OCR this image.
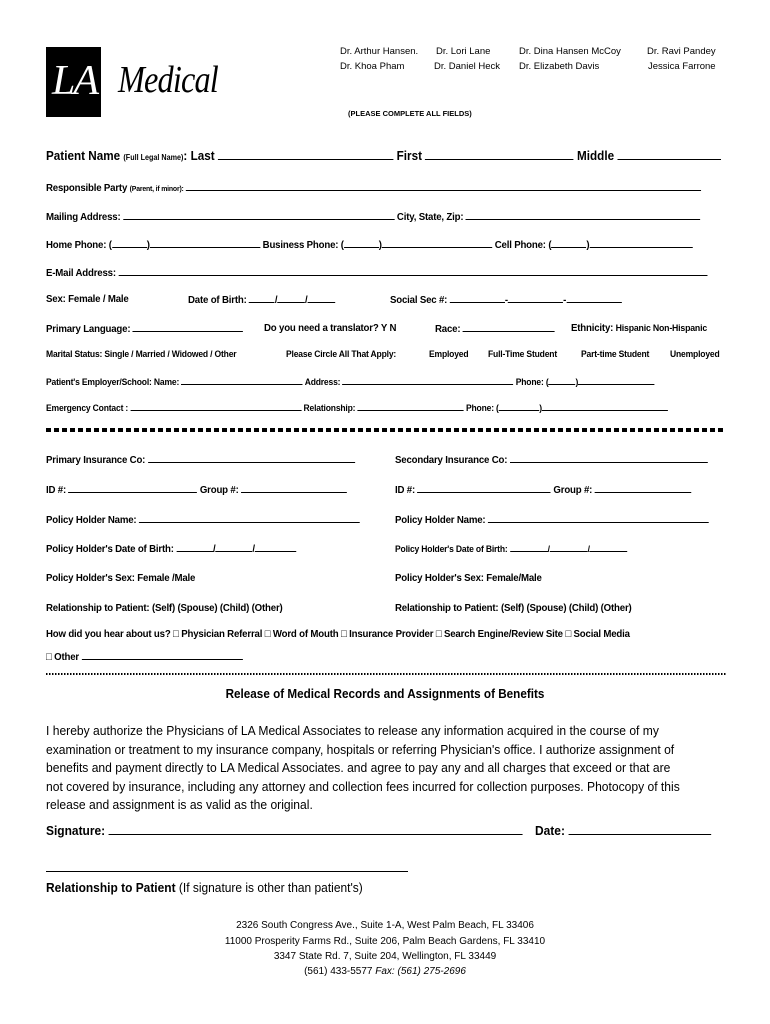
LA Medical
Dr. Arthur Hansen. Dr. Lori Lane	Dr. Dina Hansen McCoy	Dr. Ravi Pandey
Dr. Khoa Pham	Dr. Daniel Heck Dr. Elizabeth Davis	Jessica Farrone
(PLEASE COMPLETE ALL FIELDS)
Patient Name (Full Legal Name): Last	First	Middle
Responsible Party (Parent, if minor):
Mailing Address:	City, State, Zip:
Home Phone: (	)	Business Phone: (	)	Cell Phone: (	)
E-Mail Address:
Sex: Female / Male	Date of Birth:	/	/	Social Sec #:	-	-
Primary Language:	Do you need a translator? Y N	Race:	Ethnicity: Hispanic Non-Hispanic
Marital Status: Single / Married / Widowed / Other	Please Circle All That Apply:	Employed Full-Time Student	Part-time Student Unemployed
Patient's Employer/School: Name:	Address:	Phone: (	)
Emergency Contact :	Relationship:	Phone: (	)
Primary Insurance Co:	Secondary Insurance Co:
ID #:	Group #:	ID #:	Group #:
Policy Holder Name:	Policy Holder Name:
Policy Holder's Date of Birth:	/	/	Policy Holder's Date of Birth:	/	/
Policy Holder's Sex: Female /Male	Policy Holder's Sex: Female/Male
Relationship to Patient: (Self) (Spouse) (Child) (Other)	Relationship to Patient: (Self) (Spouse) (Child) (Other)
How did you hear about us? □ Physician Referral □ Word of Mouth □ Insurance Provider □ Search Engine/Review Site □ Social Media
□ Other
Release of Medical Records and Assignments of Benefits
I hereby authorize the Physicians of LA Medical Associates to release any information acquired in the course of my examination or treatment to my insurance company, hospitals or referring Physician's office. I authorize assignment of benefits and payment directly to LA Medical Associates. and agree to pay any and all charges that exceed or that are not covered by insurance, including any attorney and collection fees incurred for collection purposes. Photocopy of this release and assignment is as valid as the original.
Signature:	Date:
Relationship to Patient (If signature is other than patient's)
2326 South Congress Ave., Suite 1-A, West Palm Beach, FL 33406
11000 Prosperity Farms Rd., Suite 206, Palm Beach Gardens, FL 33410
3347 State Rd. 7, Suite 204, Wellington, FL 33449
(561) 433-5577 Fax: (561) 275-2696
